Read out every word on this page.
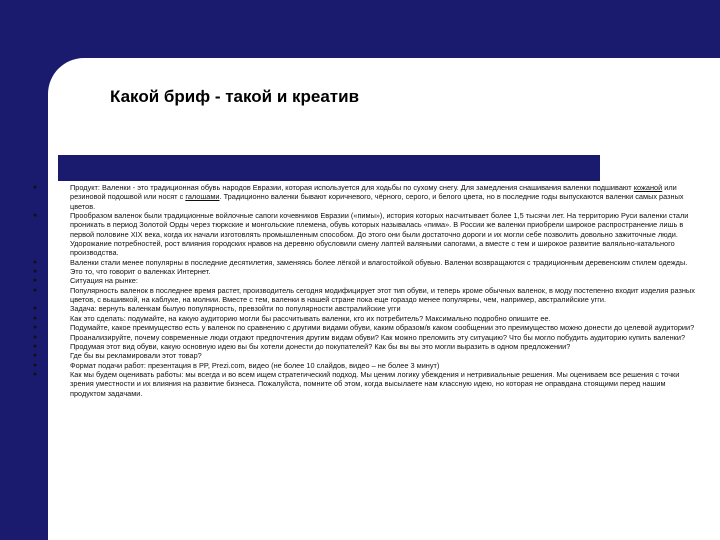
Какой бриф - такой и креатив
●	Продукт: Валенки - это традиционная обувь народов Евразии, которая используется для ходьбы по сухому снегу. Для замедления снашивания валенки подшивают кожаной или резиновой подошвой или носят с галошами. Традиционно валенки бывают коричневого, чёрного, серого, и белого цвета, но в последние годы выпускаются валенки самых разных цветов.
●	Прообразом валенок были традиционные войлочные сапоги кочевников Евразии («пимы»), история которых насчитывает более 1,5 тысячи лет. На территорию Руси валенки стали проникать в период Золотой Орды через тюркские и монгольские племена, обувь которых называлась «пима». В России же валенки приобрели широкое распространение лишь в первой половине XIX века, когда их начали изготовлять промышленным способом. До этого они были достаточно дороги и их могли себе позволить довольно зажиточные люди. Удорожание потребностей, рост влияния городских нравов на деревню обусловили смену лаптей валяными сапогами, а вместе с тем и широкое развитие валяльно-катального производства.
●	Валенки стали менее популярны в последние десятилетия, заменяясь более лёгкой и влагостойкой обувью. Валенки возвращаются с традиционным деревенским стилем одежды.
●	Это то, что говорит о валенках Интернет.
●	Ситуация на рынке:
●	Популярность валенок в последнее время растет, производитель сегодня модифицирует этот тип обуви, и теперь кроме обычных валенок, в моду постепенно входит изделия разных цветов, с вышивкой, на каблуке, на молнии. Вместе с тем, валенки в нашей стране пока еще гораздо менее популярны, чем, например, австралийские угги.
●	Задача: вернуть валенкам былую популярность, превзойти по популярности австралийские угги
●	Как это сделать: подумайте, на какую аудиторию могли бы рассчитывать валенки, кто их потребитель? Максимально подробно опишите ее.
●	Подумайте, какое преимущество есть у валенок по сравнению с другими видами обуви, каким образом/в каком сообщении это преимущество можно донести до целевой аудитории?
●	Проанализируйте, почему современные люди отдают предпочтения другим видам обуви? Как можно преломить эту ситуацию? Что бы могло побудить аудиторию купить валенки?
●	Продумая этот вид обуви, какую основную идею вы бы хотели донести до покупателей? Как бы вы вы это могли выразить в одном предложении?
●	Где бы вы рекламировали этот товар?
●	Формат подачи работ: презентация в PP, Prezi.com, видео (не более 10 слайдов, видео – не более 3 минут)
●	Как мы будем оценивать работы: мы всегда и во всем ищем стратегический подход. Мы ценим логику убеждения и нетривиальные решения. Мы оцениваем все решения с точки зрения уместности и их влияния на развитие бизнеса. Пожалуйста, помните об этом, когда высылаете нам классную идею, но которая не оправдана стоящими перед нашим продуктом задачами.
